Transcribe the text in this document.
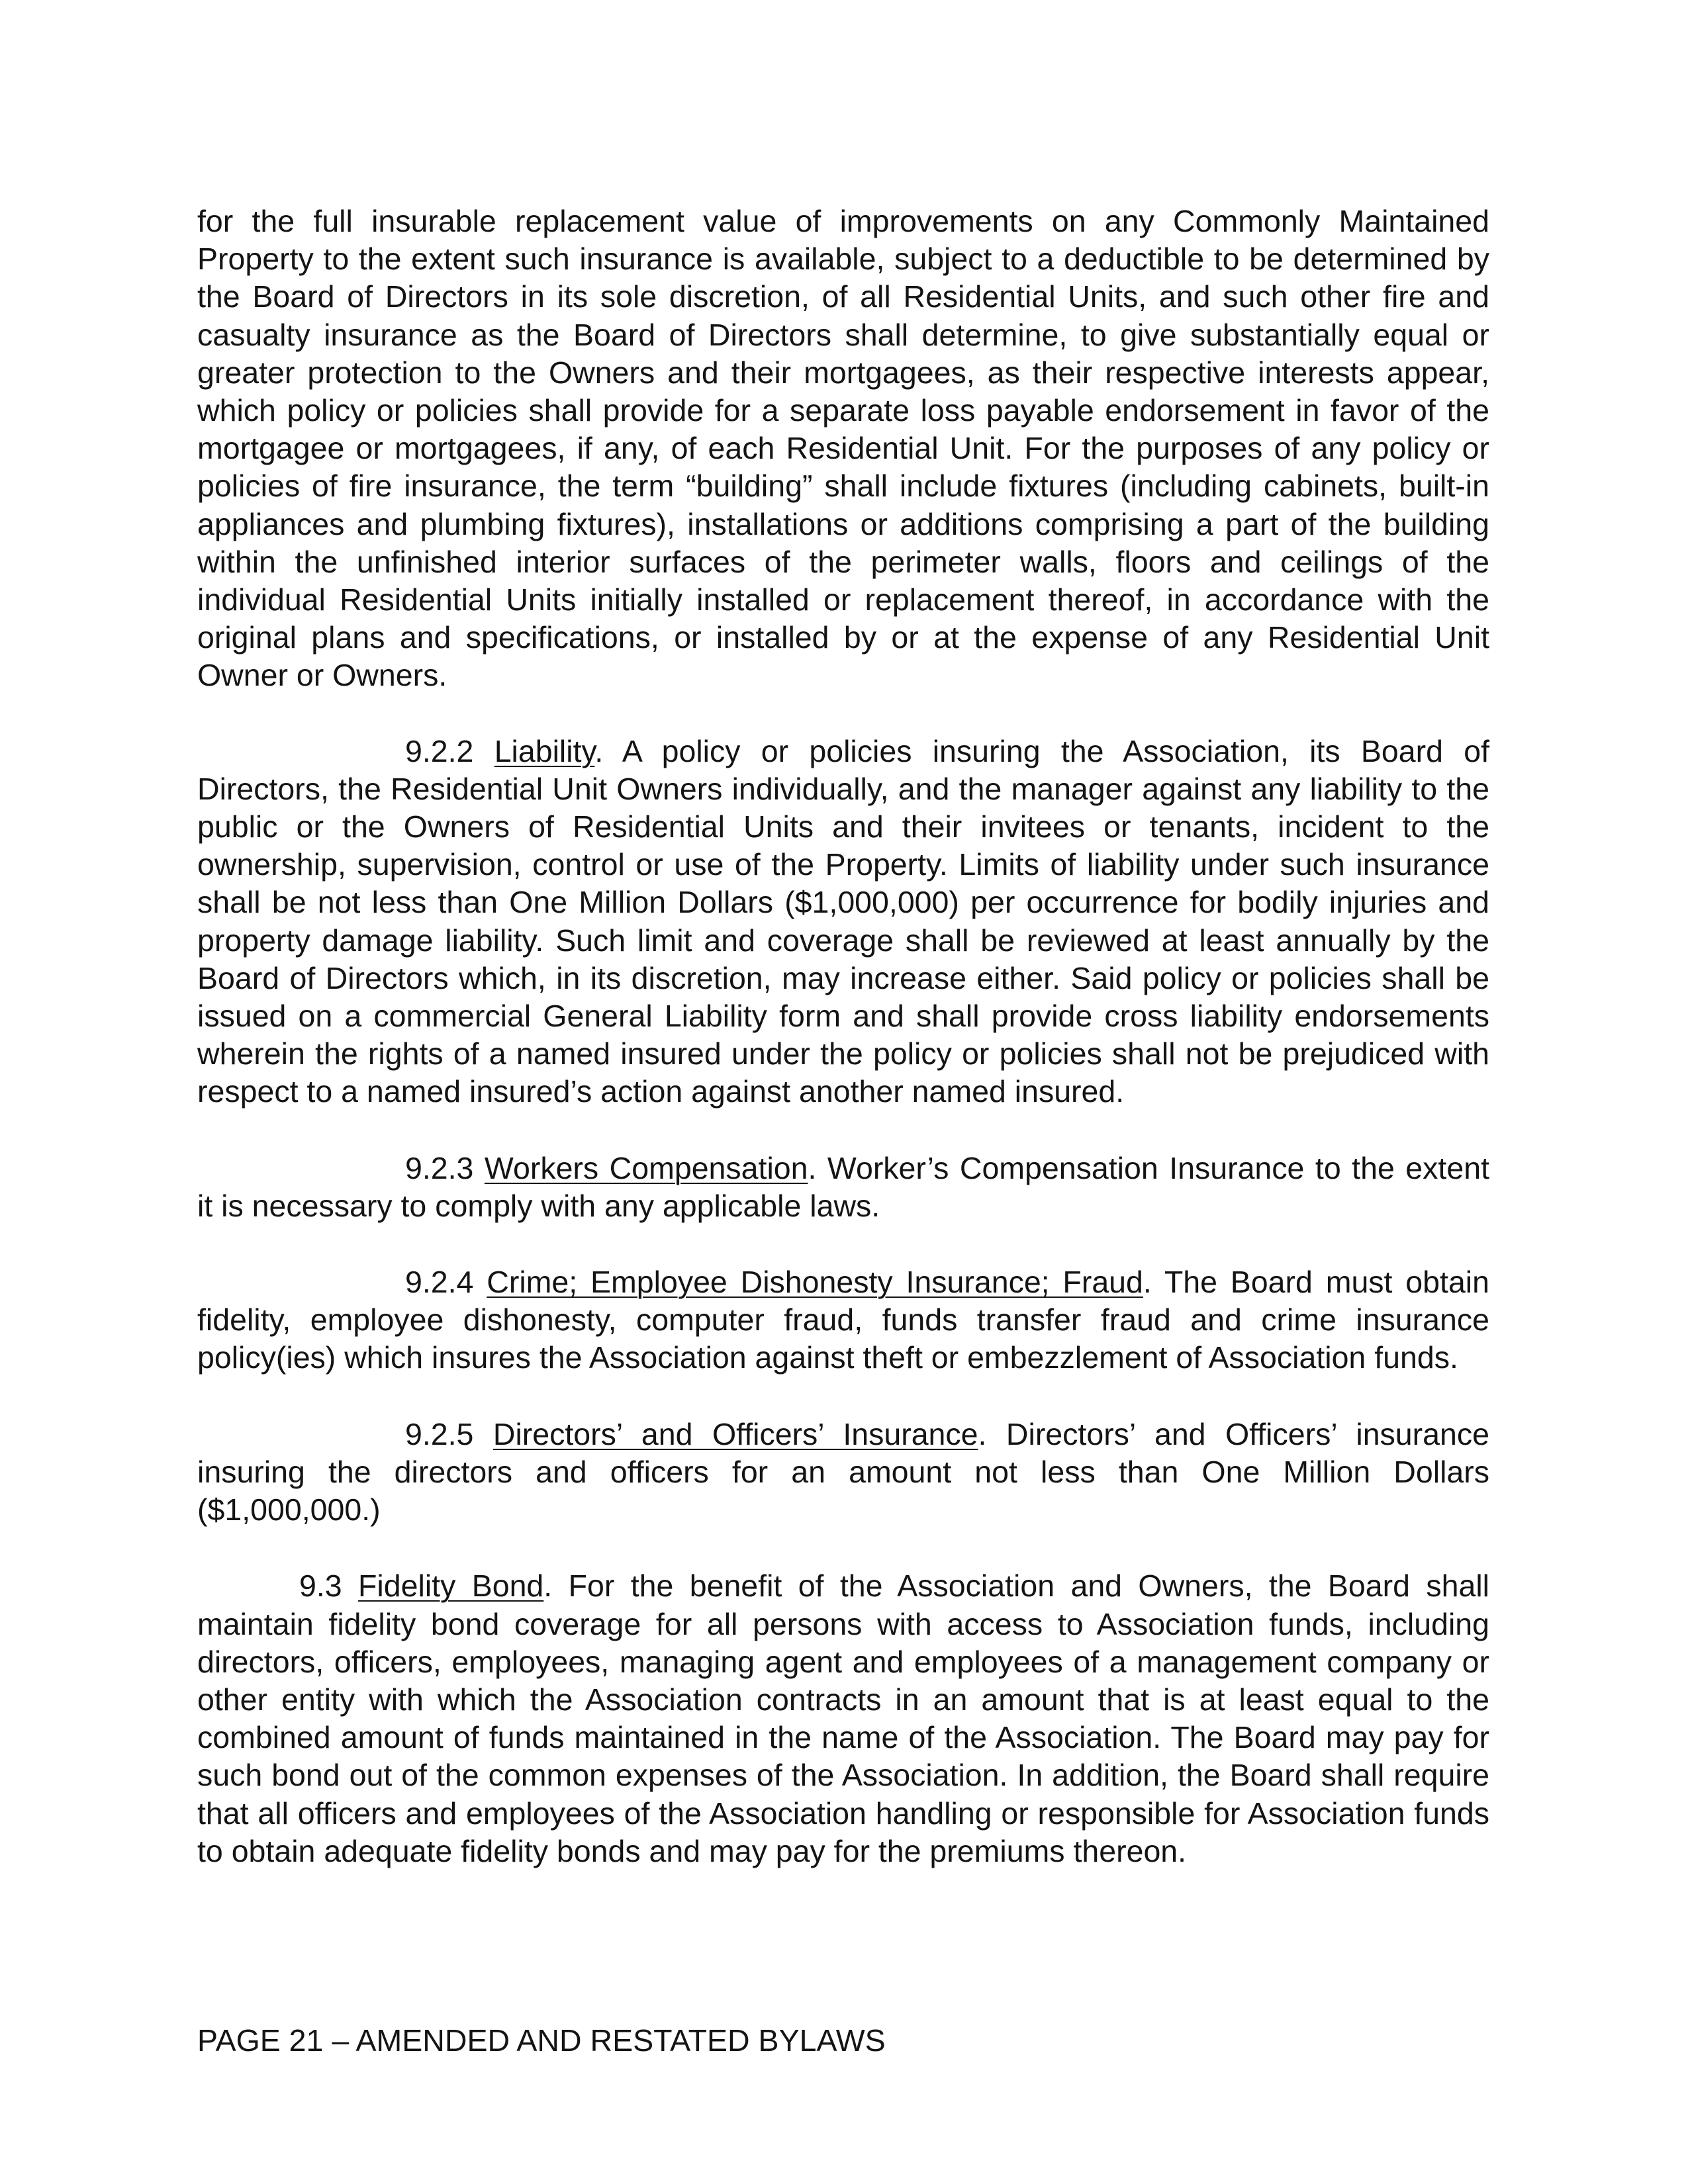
for the full insurable replacement value of improvements on any Commonly Maintained Property to the extent such insurance is available, subject to a deductible to be determined by the Board of Directors in its sole discretion, of all Residential Units, and such other fire and casualty insurance as the Board of Directors shall determine, to give substantially equal or greater protection to the Owners and their mortgagees, as their respective interests appear, which policy or policies shall provide for a separate loss payable endorsement in favor of the mortgagee or mortgagees, if any, of each Residential Unit. For the purposes of any policy or policies of fire insurance, the term “building” shall include fixtures (including cabinets, built-in appliances and plumbing fixtures), installations or additions comprising a part of the building within the unfinished interior surfaces of the perimeter walls, floors and ceilings of the individual Residential Units initially installed or replacement thereof, in accordance with the original plans and specifications, or installed by or at the expense of any Residential Unit Owner or Owners.

9.2.2 Liability. A policy or policies insuring the Association, its Board of Directors, the Residential Unit Owners individually, and the manager against any liability to the public or the Owners of Residential Units and their invitees or tenants, incident to the ownership, supervision, control or use of the Property. Limits of liability under such insurance shall be not less than One Million Dollars ($1,000,000) per occurrence for bodily injuries and property damage liability. Such limit and coverage shall be reviewed at least annually by the Board of Directors which, in its discretion, may increase either. Said policy or policies shall be issued on a commercial General Liability form and shall provide cross liability endorsements wherein the rights of a named insured under the policy or policies shall not be prejudiced with respect to a named insured’s action against another named insured.

9.2.3 Workers Compensation. Worker’s Compensation Insurance to the extent it is necessary to comply with any applicable laws.

9.2.4 Crime; Employee Dishonesty Insurance; Fraud. The Board must obtain fidelity, employee dishonesty, computer fraud, funds transfer fraud and crime insurance policy(ies) which insures the Association against theft or embezzlement of Association funds.

9.2.5 Directors’ and Officers’ Insurance. Directors’ and Officers’ insurance insuring the directors and officers for an amount not less than One Million Dollars ($1,000,000.)

9.3 Fidelity Bond. For the benefit of the Association and Owners, the Board shall maintain fidelity bond coverage for all persons with access to Association funds, including directors, officers, employees, managing agent and employees of a management company or other entity with which the Association contracts in an amount that is at least equal to the combined amount of funds maintained in the name of the Association. The Board may pay for such bond out of the common expenses of the Association. In addition, the Board shall require that all officers and employees of the Association handling or responsible for Association funds to obtain adequate fidelity bonds and may pay for the premiums thereon.

PAGE 21 – AMENDED AND RESTATED BYLAWS
